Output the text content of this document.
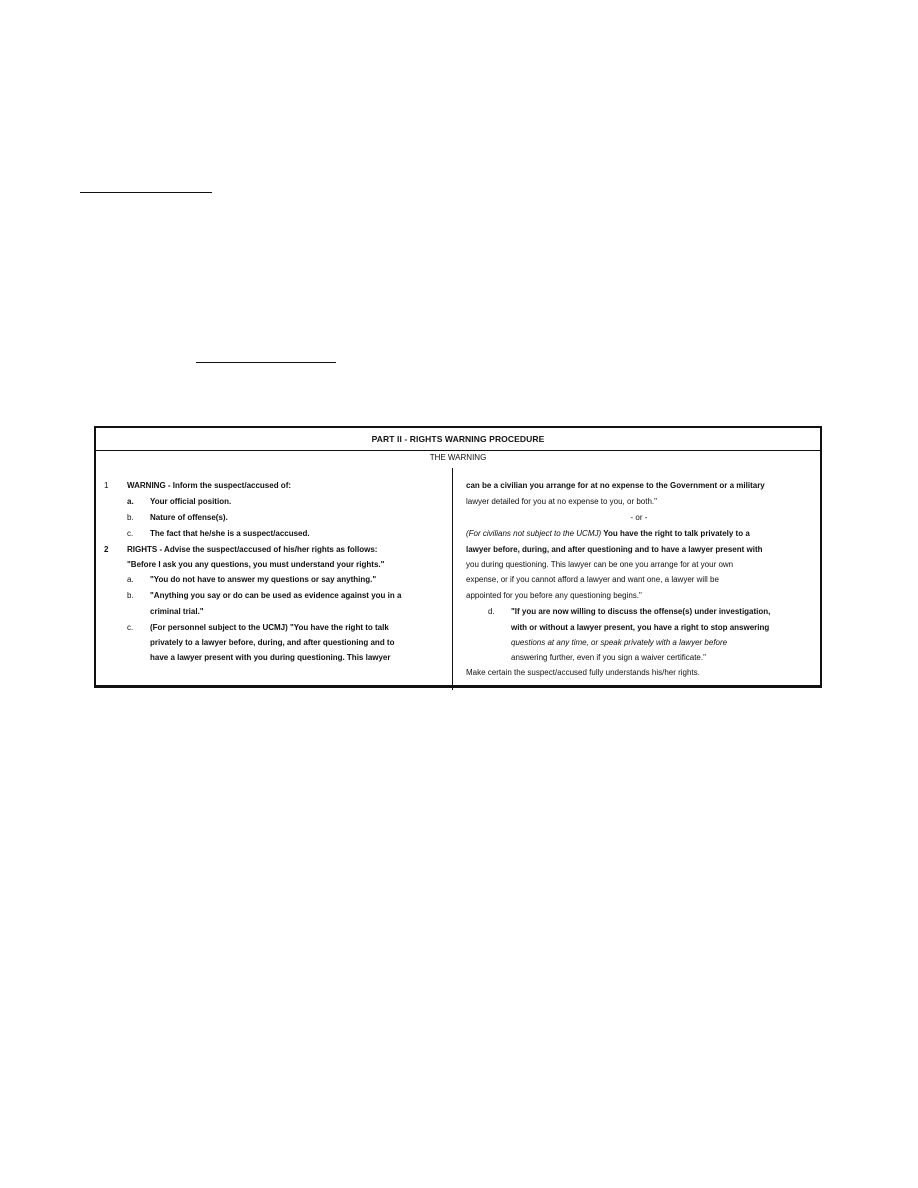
PART II - RIGHTS WARNING PROCEDURE
THE WARNING
1 WARNING - Inform the suspect/accused of:
a. Your official position.
b. Nature of offense(s).
c. The fact that he/she is a suspect/accused.
2 RIGHTS - Advise the suspect/accused of his/her rights as follows:
"Before I ask you any questions, you must understand your rights."
a. "You do not have to answer my questions or say anything."
b. "Anything you say or do can be used as evidence against you in a
criminal trial."
c. (For personnel subject to the UCMJ) "You have the right to talk
privately to a lawyer before, during, and after questioning and to
have a lawyer present with you during questioning. This lawyer
can be a civilian you arrange for at no expense to the Government or a military
lawyer detailed for you at no expense to you, or both."
- or -
(For civilians not subject to the UCMJ) You have the right to talk privately to a
lawyer before, during, and after questioning and to have a lawyer present with
you during questioning. This lawyer can be one you arrange for at your own
expense, or if you cannot afford a lawyer and want one, a lawyer will be
appointed for you before any questioning begins."
d. "If you are now willing to discuss the offense(s) under investigation,
with or without a lawyer present, you have a right to stop answering
questions at any time, or speak privately with a lawyer before
answering further, even if you sign a waiver certificate."
Make certain the suspect/accused fully understands his/her rights.
